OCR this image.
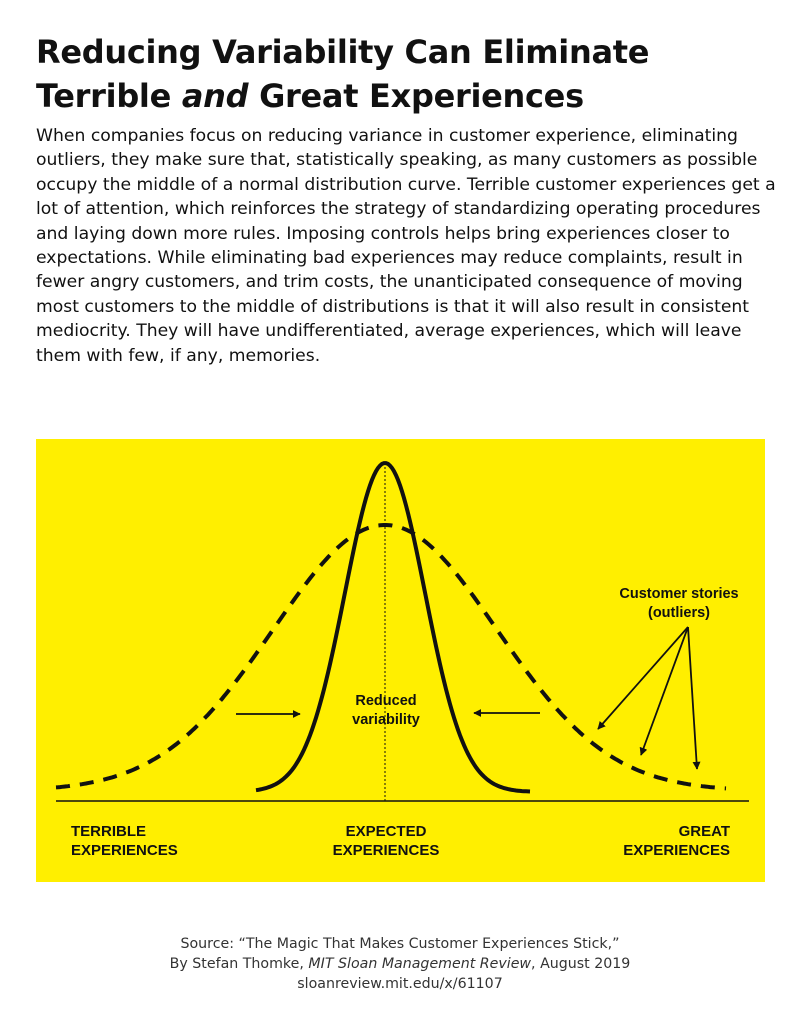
Reducing Variability Can Eliminate
Terrible and Great Experiences

When companies focus on reducing variance in customer experience, eliminating outliers, they make sure that, statistically speaking, as many customers as possible occupy the middle of a normal distribution curve. Terrible customer experiences get a lot of attention, which reinforces the strategy of standardizing operating procedures and laying down more rules. Imposing controls helps bring experiences closer to expectations. While eliminating bad experiences may reduce complaints, result in fewer angry customers, and trim costs, the unanticipated consequence of moving most customers to the middle of distributions is that it will also result in consistent mediocrity. They will have undifferentiated, average experiences, which will leave them with few, if any, memories.

Reduced
variability
Customer stories
(outliers)
TERRIBLE
EXPERIENCES
EXPECTED
EXPERIENCES
GREAT
EXPERIENCES
Source: “The Magic That Makes Customer Experiences Stick,”
By Stefan Thomke, MIT Sloan Management Review, August 2019
sloanreview.mit.edu/x/61107
